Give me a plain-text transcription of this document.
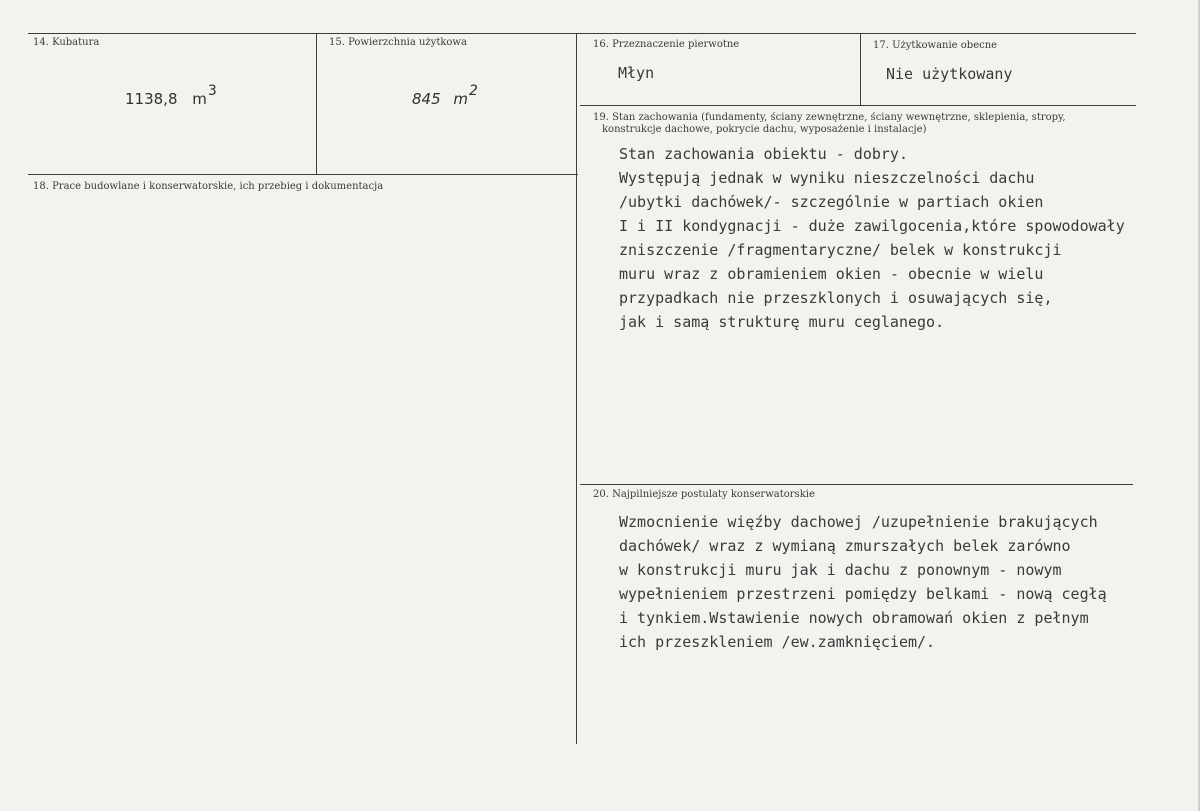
14. Kubatura
1138,8 m3
15. Powierzchnia użytkowa
845 m2
16. Przeznaczenie pierwotne
Młyn
17. Użytkowanie obecne
Nie użytkowany
19. Stan zachowania (fundamenty, ściany zewnętrzne, ściany wewnętrzne, sklepienia, stropy,
konstrukcje dachowe, pokrycie dachu, wyposażenie i instalacje)
Stan zachowania obiektu - dobry.
Występują jednak w wyniku nieszczelności dachu
/ubytki dachówek/- szczególnie w partiach okien
I i II kondygnacji - duże zawilgocenia,które spowodowały
zniszczenie /fragmentaryczne/ belek w konstrukcji
muru wraz z obramieniem okien - obecnie w wielu
przypadkach nie przeszklonych i osuwających się,
jak i samą strukturę muru ceglanego.
18. Prace budowlane i konserwatorskie, ich przebieg i dokumentacja
20. Najpilniejsze postulaty konserwatorskie
Wzmocnienie więźby dachowej /uzupełnienie brakujących
dachówek/ wraz z wymianą zmurszałych belek zarówno
w konstrukcji muru jak i dachu z ponownym - nowym
wypełnieniem przestrzeni pomiędzy belkami - nową cegłą
i tynkiem.Wstawienie nowych obramowań okien z pełnym
ich przeszkleniem /ew.zamknięciem/.
